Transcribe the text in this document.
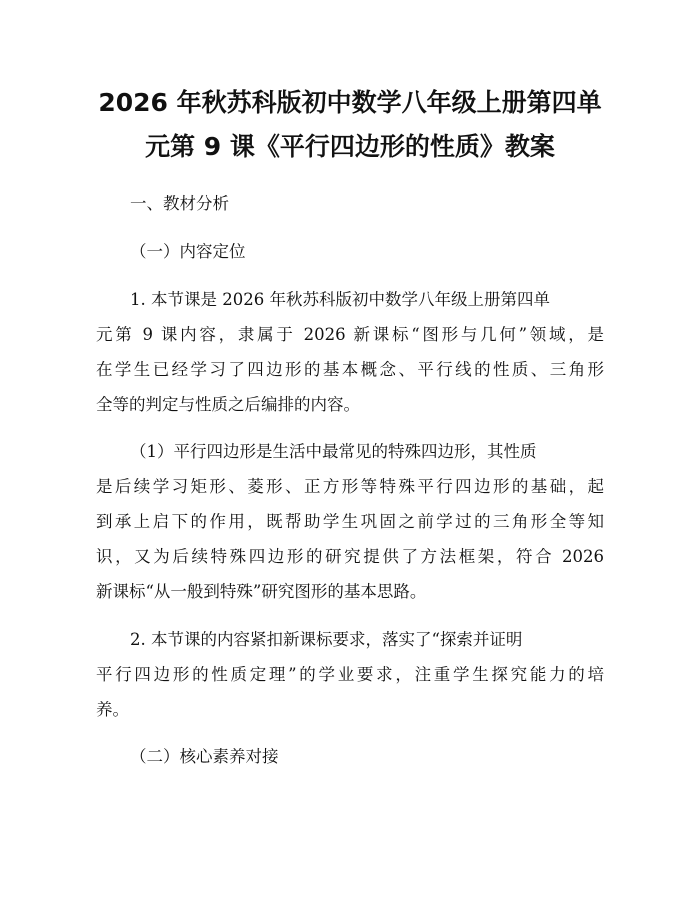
2026 年秋苏科版初中数学八年级上册第四单
元第 9 课《平行四边形的性质》教案

一、教材分析

（一）内容定位

1. 本节课是 2026 年秋苏科版初中数学八年级上册第四单

元第 9 课内容，隶属于 2026 新课标“图形与几何”领域，是

在学生已经学习了四边形的基本概念、平行线的性质、三角形

全等的判定与性质之后编排的内容。

（1）平行四边形是生活中最常见的特殊四边形，其性质

是后续学习矩形、菱形、正方形等特殊平行四边形的基础，起

到承上启下的作用，既帮助学生巩固之前学过的三角形全等知

识，又为后续特殊四边形的研究提供了方法框架，符合 2026

新课标“从一般到特殊”研究图形的基本思路。

2. 本节课的内容紧扣新课标要求，落实了“探索并证明

平行四边形的性质定理”的学业要求，注重学生探究能力的培

养。

（二）核心素养对接
